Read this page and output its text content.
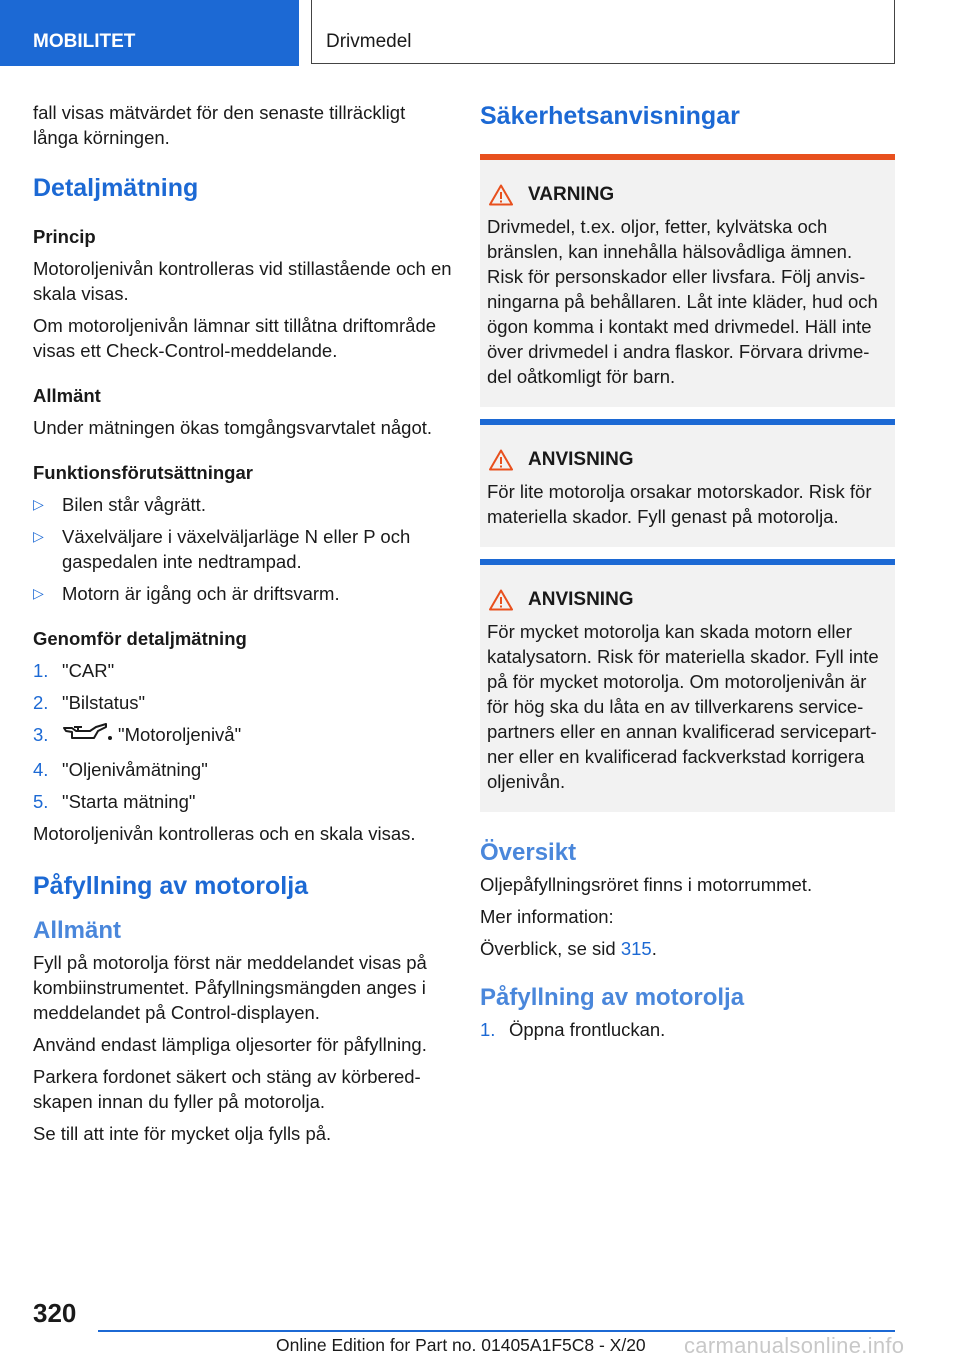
MOBILITET	Drivmedel

fall visas mätvärdet för den senaste tillräckligt långa körningen.

Detaljmätning
Princip

Motoroljenivån kontrolleras vid stillastående och en skala visas.

Om motoroljenivån lämnar sitt tillåtna driftområde visas ett Check-Control-meddelande.

Allmänt

Under mätningen ökas tomgångsvarvtalet något.

Funktionsförutsättningar
▷ Bilen står vågrätt.
▷ Växelväljare i växelväljarläge N eller P och gaspedalen inte nedtrampad.
▷ Motorn är igång och är driftsvarm.
Genomför detaljmätning
1. "CAR"
2. "Bilstatus"
3.	"Motoroljenivå"
4. "Oljenivåmätning"
5. "Starta mätning"

Motoroljenivån kontrolleras och en skala visas.

Påfyllning av motorolja
Allmänt

Fyll på motorolja först när meddelandet visas på kombiinstrumentet. Påfyllningsmängden anges i meddelandet på Control-displayen.

Använd endast lämpliga oljesorter för påfyllning.

Parkera fordonet säkert och stäng av körbered-skapen innan du fyller på motorolja.

Se till att inte för mycket olja fylls på.

Säkerhetsanvisningar
VARNING

Drivmedel, t.ex. oljor, fetter, kylvätska och bränslen, kan innehålla hälsovådliga ämnen. Risk för personskador eller livsfara. Följ anvis-ningarna på behållaren. Låt inte kläder, hud och ögon komma i kontakt med drivmedel. Häll inte över drivmedel i andra flaskor. Förvara drivme-del oåtkomligt för barn.

ANVISNING

För lite motorolja orsakar motorskador. Risk för materiella skador. Fyll genast på motorolja.

ANVISNING

För mycket motorolja kan skada motorn eller katalysatorn. Risk för materiella skador. Fyll inte på för mycket motorolja. Om motoroljenivån är för hög ska du låta en av tillverkarens service-partners eller en annan kvalificerad servicepart-ner eller en kvalificerad fackverkstad korrigera oljenivån.

Översikt

Oljepåfyllningsröret finns i motorrummet.

Mer information:

Överblick, se sid 315.

Påfyllning av motorolja
1. Öppna frontluckan.
320
Online Edition for Part no. 01405A1F5C8 - X/20 carmanualsonline.info
